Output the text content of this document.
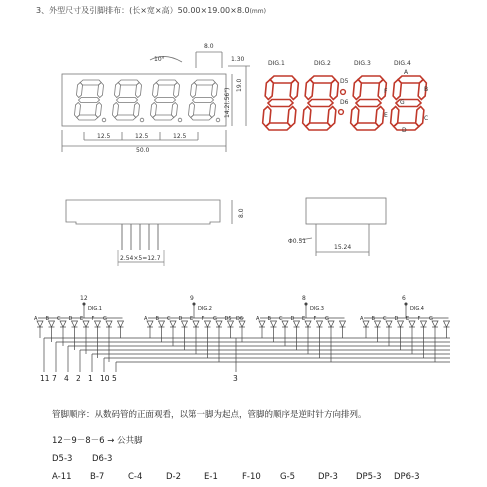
3、外型尺寸及引脚排布：(长×宽×高）50.00×19.00×8.0(mm)
10°
8.0
1.30
19.0
14.2(.56")
12.5	12.5	12.5
50.0
DIG.1	DIG.2	DIG.3	DIG.4
A
B
C
D
E
F
G
D5
D6
8.0
2.54×5=12.7
Φ0.51
15.24
12	9	8	6
DIG.1	DIG.2	DIG.3	DIG.4
A B C D E F G	A B C D E F G D5 D6	A B C D E F G	A B C D E F G
11 7 4 2 1 10 5	3
管脚顺序：从数码管的正面观看，以第一脚为起点，管脚的顺序是逆时针方向排列。
12－9－8－6 → 公共脚
D5-3 D6-3
A-11 B-7	C-4	D-2	E-1	F-10 G-5	DP-3 DP5-3 DP6-3
